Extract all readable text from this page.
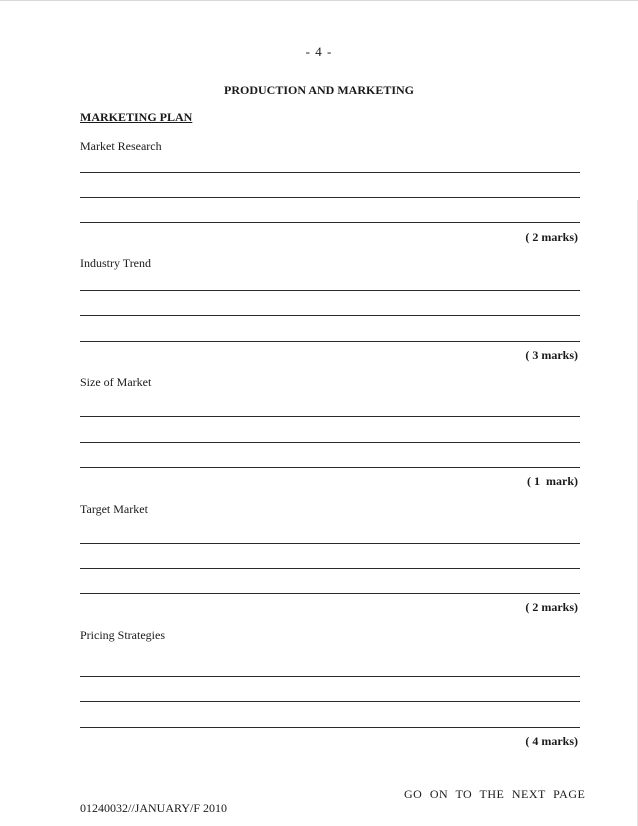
- 4 -
PRODUCTION AND MARKETING
MARKETING PLAN
Market Research
( 2 marks)
Industry Trend
( 3 marks)
Size of Market
( 1  mark)
Target Market
( 2 marks)
Pricing Strategies
( 4 marks)
GO ON TO THE NEXT PAGE
01240032//JANUARY/F 2010
